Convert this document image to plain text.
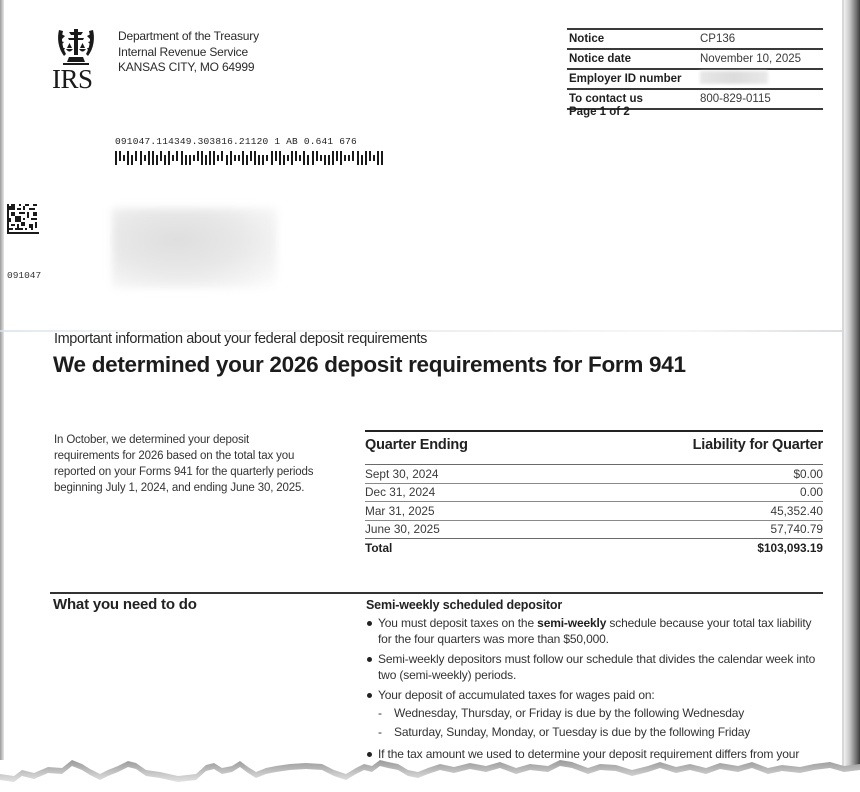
IRS
Department of the Treasury
Internal Revenue Service
KANSAS CITY, MO 64999
Notice	CP136
Notice date	November 10, 2025
Employer ID number
To contact us	800-829-0115
Page 1 of 2
091047.114349.303816.21120 1 AB 0.641 676
091047
Important information about your federal deposit requirements
We determined your 2026 deposit requirements for Form 941
In October, we determined your deposit requirements for 2026 based on the total tax you reported on your Forms 941 for the quarterly periods beginning July 1, 2024, and ending June 30, 2025.
Quarter Ending	Liability for Quarter
Sept 30, 2024	$0.00
Dec 31, 2024	0.00
Mar 31, 2025	45,352.40
June 30, 2025	57,740.79
Total	$103,093.19
What you need to do	Semi-weekly scheduled depositor
You must deposit taxes on the semi-weekly schedule because your total tax liability for the four quarters was more than $50,000.
Semi-weekly depositors must follow our schedule that divides the calendar week into two (semi-weekly) periods.
Your deposit of accumulated taxes for wages paid on:
- Wednesday, Thursday, or Friday is due by the following Wednesday
- Saturday, Sunday, Monday, or Tuesday is due by the following Friday
If the tax amount we used to determine your deposit requirement differs from your
